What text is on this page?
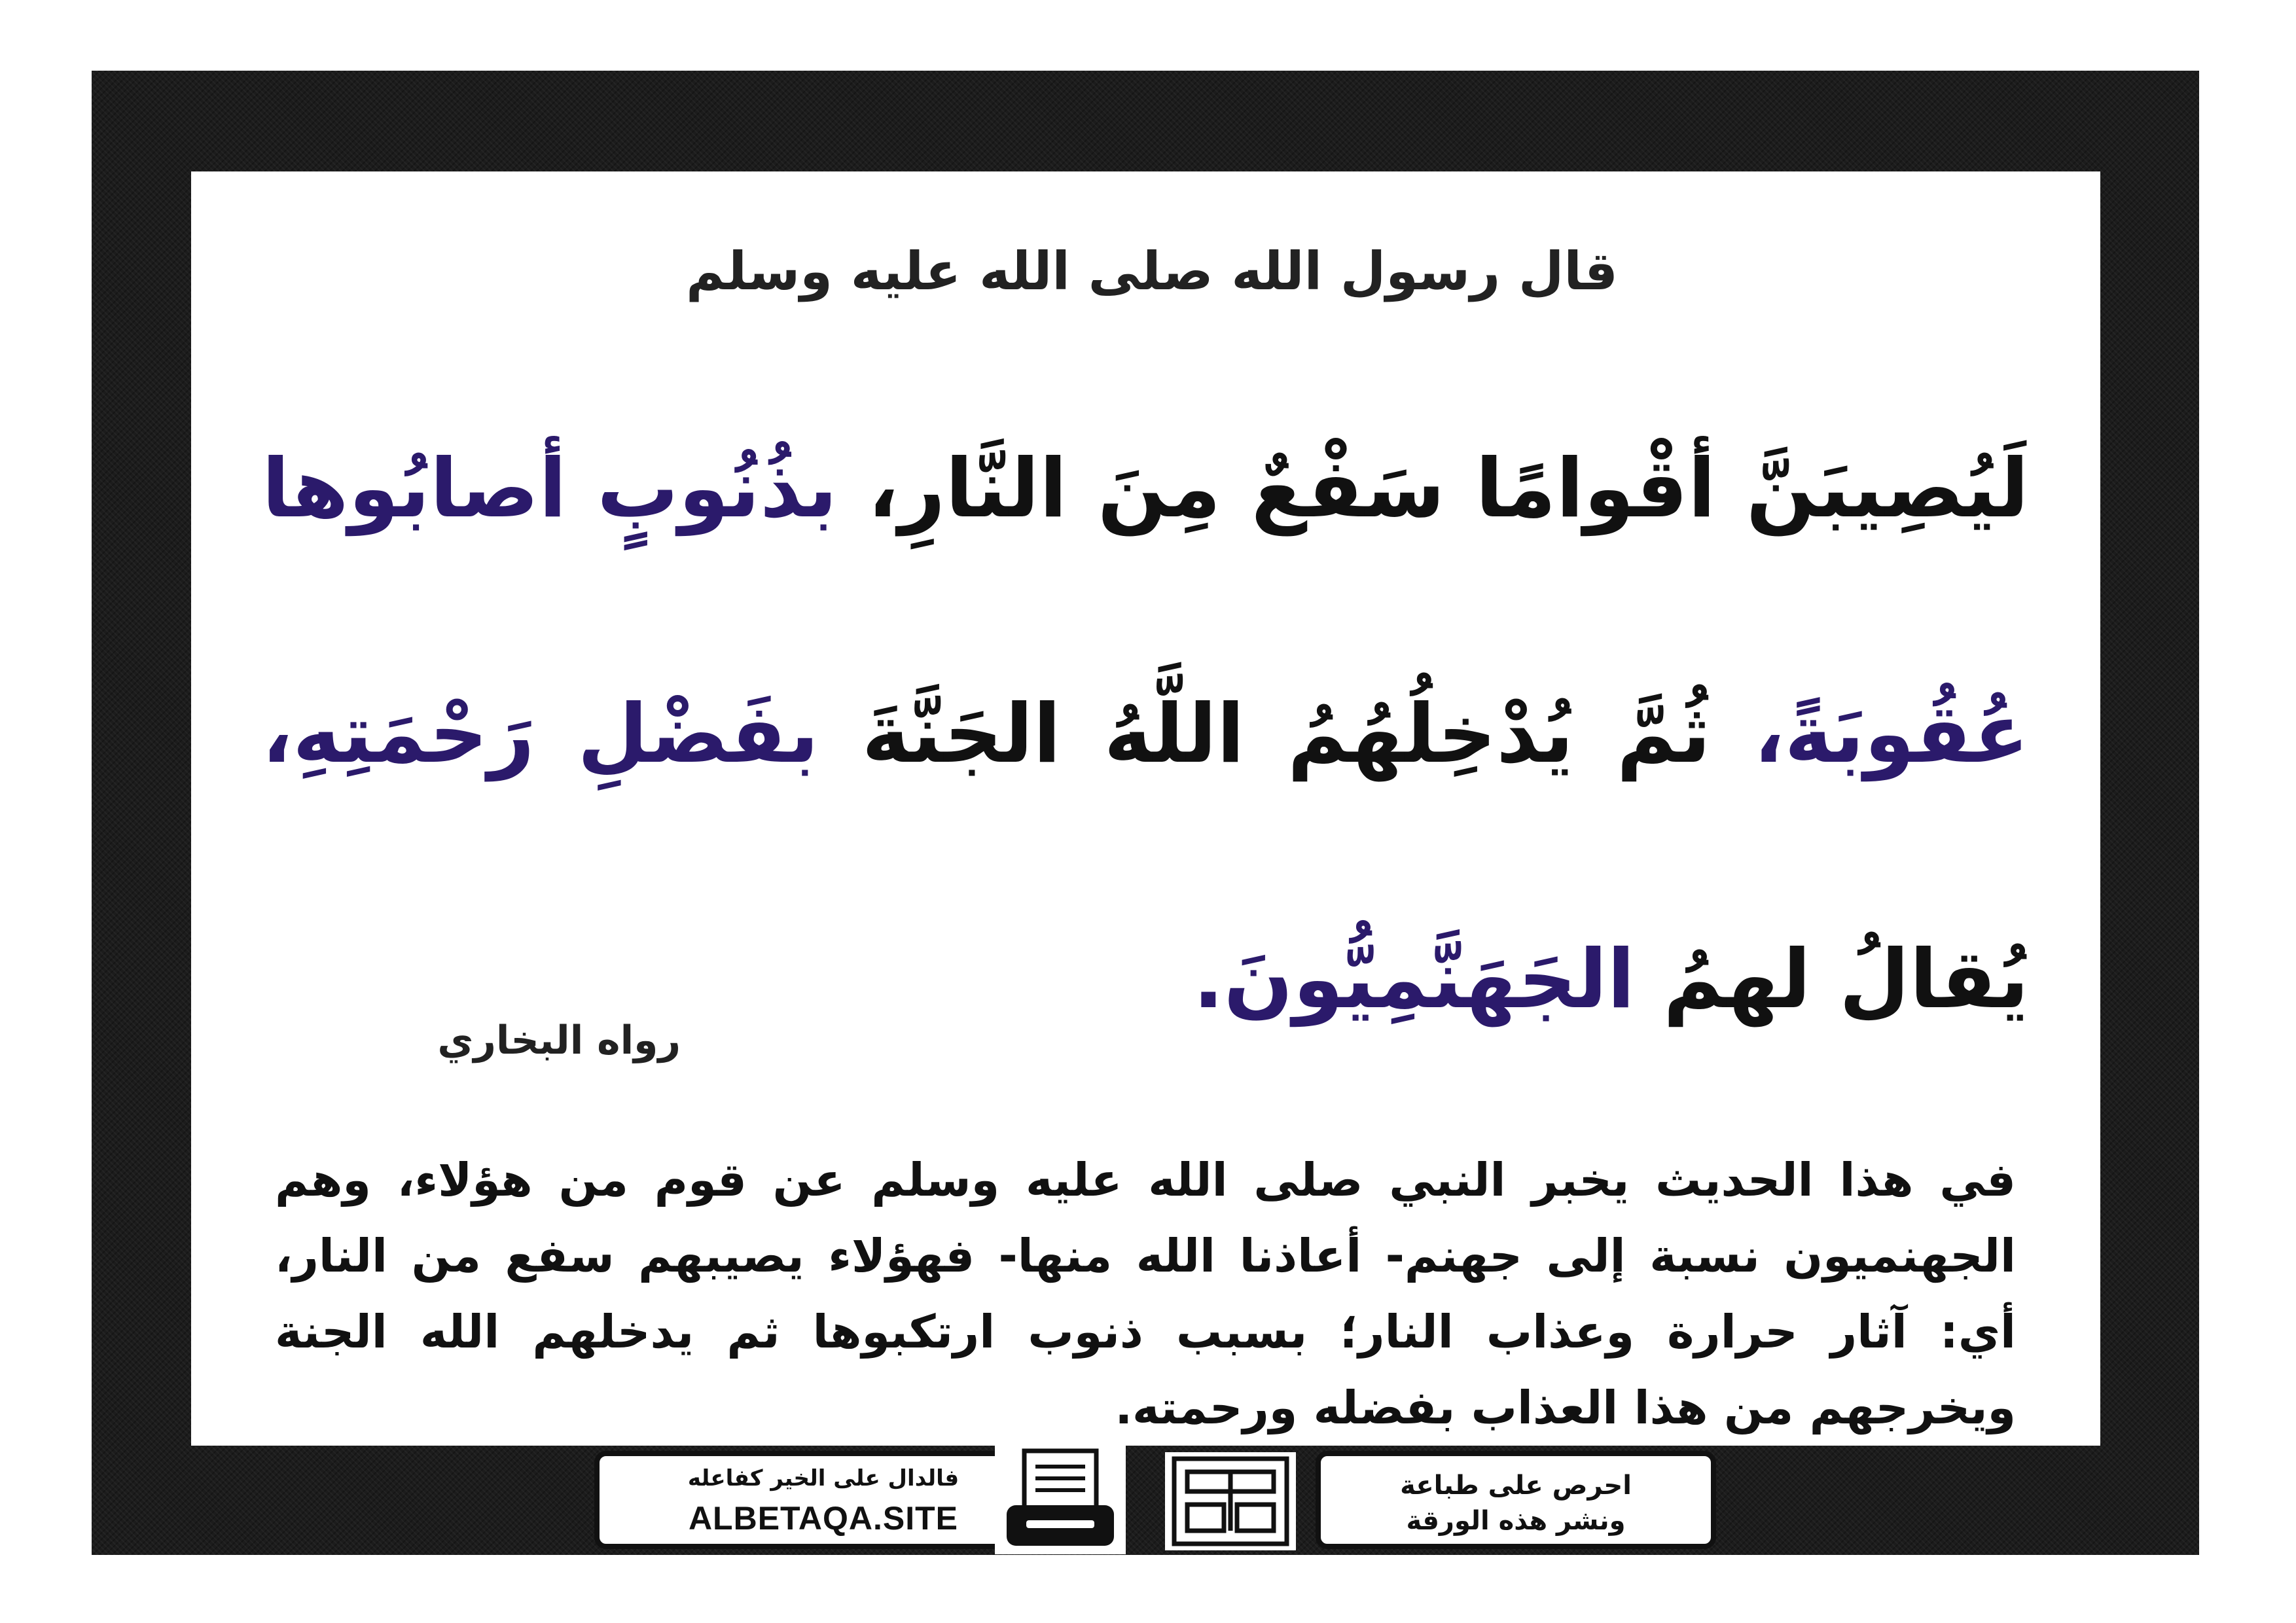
قال رسول الله صلى الله عليه وسلم
لَيُصِيبَنَّ أقْوامًا سَفْعٌ مِنَ النَّارِ، بذُنُوبٍ أصابُوها عُقُوبَةً، ثُمَّ يُدْخِلُهُمُ اللَّهُ الجَنَّةَ بفَضْلِ رَحْمَتِهِ، يُقالُ لهمُ الجَهَنَّمِيُّونَ.
رواه البخاري
في هذا الحديث يخبر النبي صلى الله عليه وسلم عن قوم من هؤلاء، وهم الجهنميون نسبة إلى جهنم- أعاذنا الله منها- فهؤلاء يصيبهم سفع من النار، أي: آثار حرارة وعذاب النار؛ بسبب ذنوب ارتكبوها ثم يدخلهم الله الجنة ويخرجهم من هذا العذاب بفضله ورحمته.
فالدال على الخير كفاعله
ALBETAQA.SITE
احرص على طباعة
ونشر هذه الورقة
